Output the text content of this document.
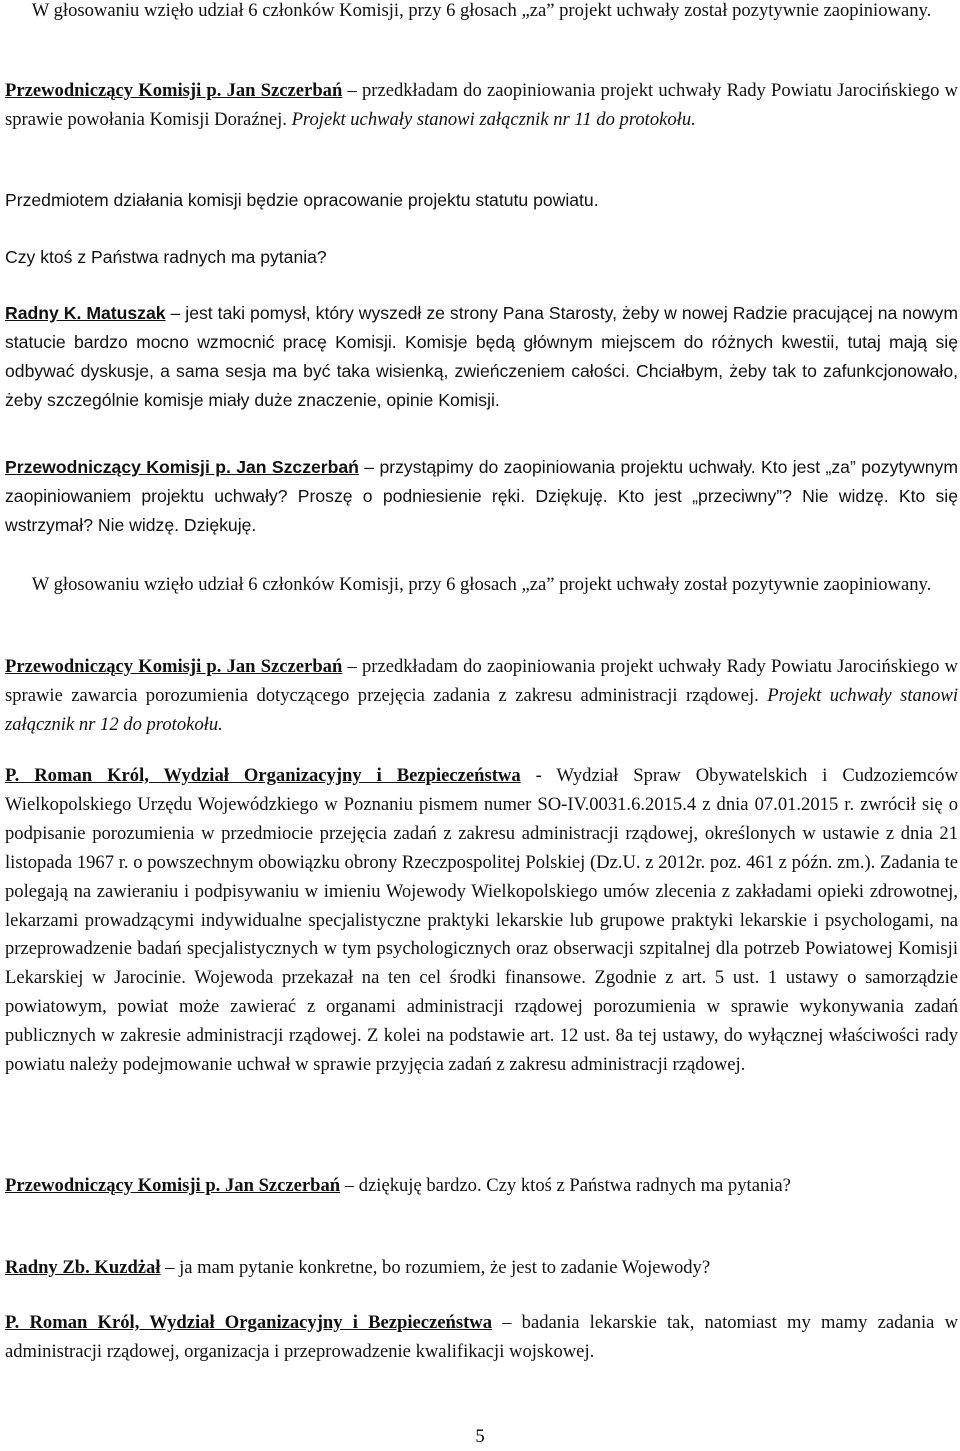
W głosowaniu wzięło udział 6 członków Komisji, przy 6 głosach „za” projekt uchwały został pozytywnie zaopiniowany.
Przewodniczący Komisji p. Jan Szczerbań – przedkładam do zaopiniowania projekt uchwały Rady Powiatu Jarocińskiego w sprawie powołania Komisji Doraźnej. Projekt uchwały stanowi załącznik nr 11 do protokołu.
Przedmiotem działania komisji będzie opracowanie projektu statutu powiatu.
Czy ktoś z Państwa radnych ma pytania?
Radny K. Matuszak – jest taki pomysł, który wyszedł ze strony Pana Starosty, żeby w nowej Radzie pracującej na nowym statucie bardzo mocno wzmocnić pracę Komisji. Komisje będą głównym miejscem do różnych kwestii, tutaj mają się odbywać dyskusje, a sama sesja ma być taka wisienką, zwieńczeniem całości. Chciałbym, żeby tak to zafunkcjonowało, żeby szczególnie komisje miały duże znaczenie, opinie Komisji.
Przewodniczący Komisji p. Jan Szczerbań – przystąpimy do zaopiniowania projektu uchwały. Kto jest „za” pozytywnym zaopiniowaniem projektu uchwały? Proszę o podniesienie ręki. Dziękuję. Kto jest „przeciwny”? Nie widzę. Kto się wstrzymał? Nie widzę. Dziękuję.
W głosowaniu wzięło udział 6 członków Komisji, przy 6 głosach „za” projekt uchwały został pozytywnie zaopiniowany.
Przewodniczący Komisji p. Jan Szczerbań – przedkładam do zaopiniowania projekt uchwały Rady Powiatu Jarocińskiego w sprawie zawarcia porozumienia dotyczącego przejęcia zadania z zakresu administracji rządowej. Projekt uchwały stanowi załącznik nr 12 do protokołu.
P. Roman Król, Wydział Organizacyjny i Bezpieczeństwa - Wydział Spraw Obywatelskich i Cudzoziemców Wielkopolskiego Urzędu Wojewódzkiego w Poznaniu pismem numer SO-IV.0031.6.2015.4 z dnia 07.01.2015 r. zwrócił się o podpisanie porozumienia w przedmiocie przejęcia zadań z zakresu administracji rządowej, określonych w ustawie z dnia 21 listopada 1967 r. o powszechnym obowiązku obrony Rzeczpospolitej Polskiej (Dz.U. z 2012r. poz. 461 z późn. zm.). Zadania te polegają na zawieraniu i podpisywaniu w imieniu Wojewody Wielkopolskiego umów zlecenia z zakładami opieki zdrowotnej, lekarzami prowadzącymi indywidualne specjalistyczne praktyki lekarskie lub grupowe praktyki lekarskie i psychologami, na przeprowadzenie badań specjalistycznych w tym psychologicznych oraz obserwacji szpitalnej dla potrzeb Powiatowej Komisji Lekarskiej w Jarocinie. Wojewoda przekazał na ten cel środki finansowe. Zgodnie z art. 5 ust. 1 ustawy o samorządzie powiatowym, powiat może zawierać z organami administracji rządowej porozumienia w sprawie wykonywania zadań publicznych w zakresie administracji rządowej. Z kolei na podstawie art. 12 ust. 8a tej ustawy, do wyłącznej właściwości rady powiatu należy podejmowanie uchwał w sprawie przyjęcia zadań z zakresu administracji rządowej.
Przewodniczący Komisji p. Jan Szczerbań – dziękuję bardzo. Czy ktoś z Państwa radnych ma pytania?
Radny Zb. Kuzdżał – ja mam pytanie konkretne, bo rozumiem, że jest to zadanie Wojewody?
P. Roman Król, Wydział Organizacyjny i Bezpieczeństwa – badania lekarskie tak, natomiast my mamy zadania w administracji rządowej, organizacja i przeprowadzenie kwalifikacji wojskowej.
5
